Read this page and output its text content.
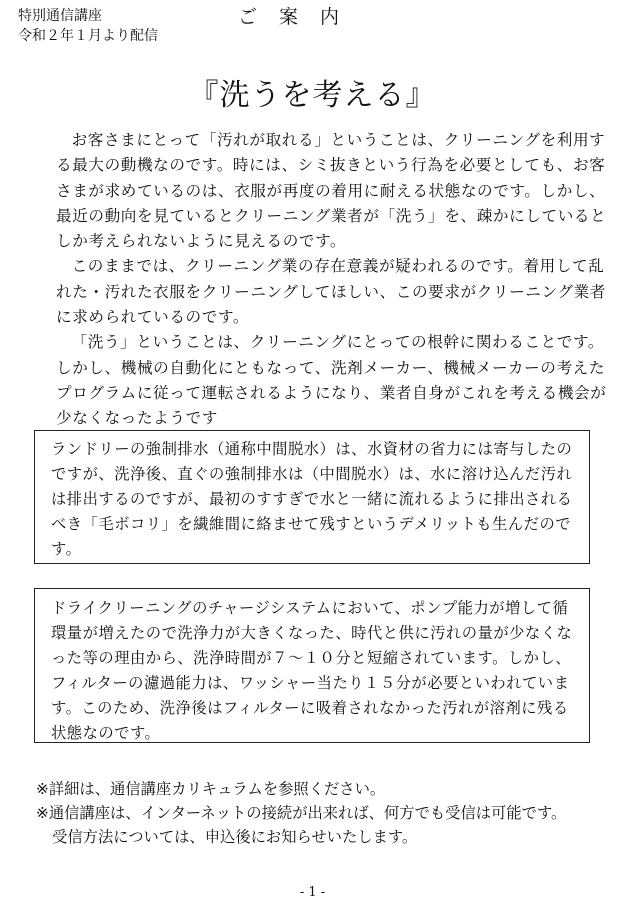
特別通信講座
令和２年１月より配信
ご案内
『洗うを考える』

お客さまにとって「汚れが取れる」ということは、クリーニングを利用する最大の動機なのです。時には、シミ抜きという行為を必要としても、お客さまが求めているのは、衣服が再度の着用に耐える状態なのです。しかし、最近の動向を見ているとクリーニング業者が「洗う」を、疎かにしているとしか考えられないように見えるのです。

このままでは、クリーニング業の存在意義が疑われるのです。着用して乱れた・汚れた衣服をクリーニングしてほしい、この要求がクリーニング業者に求められているのです。

「洗う」ということは、クリーニングにとっての根幹に関わることです。しかし、機械の自動化にともなって、洗剤メーカー、機械メーカーの考えたプログラムに従って運転されるようになり、業者自身がこれを考える機会が少なくなったようです

ランドリーの強制排水（通称中間脱水）は、水資材の省力には寄与したのですが、洗浄後、直ぐの強制排水は（中間脱水）は、水に溶け込んだ汚れは排出するのですが、最初のすすぎで水と一緒に流れるように排出されるべき「毛ボコリ」を繊維間に絡ませて残すというデメリットも生んだのです。

ドライクリーニングのチャージシステムにおいて、ポンプ能力が増して循環量が増えたので洗浄力が大きくなった、時代と供に汚れの量が少なくなった等の理由から、洗浄時間が７〜１０分と短縮されています。しかし、フィルターの濾過能力は、ワッシャー当たり１５分が必要といわれています。このため、洗浄後はフィルターに吸着されなかった汚れが溶剤に残る状態なのです。

※詳細は、通信講座カリキュラムを参照ください。

※通信講座は、インターネットの接続が出来れば、何方でも受信は可能です。

受信方法については、申込後にお知らせいたします。

- 1 -
